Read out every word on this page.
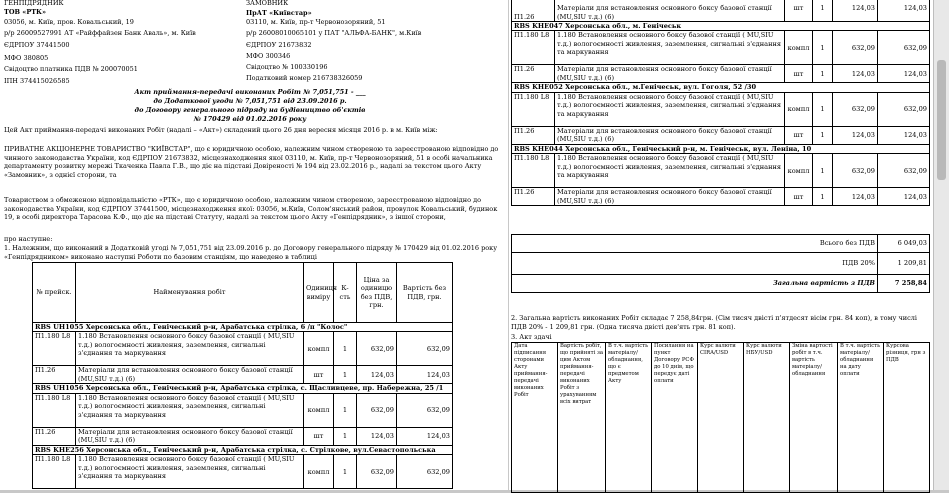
ГЕНПІДРЯДНИК
ТОВ «РТК»
03056, м. Київ, пров. Ковальський, 19
р/р 26009527991 АТ «Райффайзен Банк Аваль», м. Київ
ЄДРПОУ 37441500
МФО 380805
Свідоцтво платника ПДВ № 200070051
ІПН 374415026585
ЗАМОВНИК
ПрАТ «Київстар»
03110, м. Київ, пр-т Червонозоряний, 51
р/р 26008010065101 у ПАТ "АЛЬФА-БАНК", м.Київ
ЄДРПОУ 21673832
МФО 300346
Свідоцтво № 100330196
Податковий номер 216738326059
Акт приймання-передачі виконаних Робіт № 7,051,751 - ___
до Додаткової угоди № 7,051,751 від 23.09.2016 р.
до Договору генерального підряду на будівництво об'єктів
№ 170429 від 01.02.2016 року
Цей Акт приймання-передачі виконаних Робіт (надалі – «Акт») складений цього 26 дня вересня місяця 2016 р. в м. Київ між:
ПРИВАТНЕ АКЦІОНЕРНЕ ТОВАРИСТВО "КИЇВСТАР", що є юридичною особою, належним чином створеною та зареєстрованою відповідно до чинного законодавства України, код ЄДРПОУ 21673832, місцезнаходження якої 03110, м. Київ, пр-т Червонозоряний, 51 в особі начальника департаменту розвитку мережі Ткаченка Павла Г.В., що діє на підставі Довіреності № 194 від 23.02.2016 р., надалі за текстом цього Акту «Замовник», з однієї сторони, та
Товариством з обмеженою відповідальністю «РТК», що є юридичною особою, належним чином створеною, зареєстрованою відповідно до законодавства України, код ЄДРПОУ 37441500, місцезнаходження якої: 03056, м.Київ, Солом'янський район, провулок Ковальський, будинок 19, в особі директора Тарасова К.Ф., що діє на підставі Статуту, надалі за текстом цього Акту «Генпідрядник», з іншої сторони,
про наступне:
1. Належним, що виконаний в Додатковій угоді № 7,051,751 від 23.09.2016 р. до Договору генерального підряду № 170429 від 01.02.2016 року «Генпідрядником» виконано наступні Роботи по базовим станціям, що наведено в таблиці
№ прейск.	Найменування робіт	Одиниця виміру	К-сть	Ціна за одиницю без ПДВ, грн.	Вартість без ПДВ, грн.
RBS UH1055 Херсонська обл., Генічеський р-н, Арабатська стрілка, 6 /п "Колос"					
П1.180 L8	1.180 Встановлення основного боксу базової станції ( MU,SIU т.д.) вологоємності живлення, заземлення, сигнальні з'єднання та маркування	компл	1	632,09	632,09
П1.26	Матеріали для встановлення основного боксу базової станції (MU,SIU т.д.) (6)	шт	1	124,03	124,03
RBS UH1056 Херсонська обл., Генічеський р-н, Арабатська стрілка, с. Щасливцеве, пр. Набережна, 25 /1					
П1.180 L8	1.180 Встановлення основного боксу базової станції ( MU,SIU т.д.) вологоємності живлення, заземлення, сигнальні з'єднання та маркування	компл	1	632,09	632,09
П1.26	Матеріали для встановлення основного боксу базової станції (MU,SIU т.д.) (6)	шт	1	124,03	124,03
RBS KHE256 Херсонська обл., Генічеський р-н, Арабатська стрілка, с. Стрілкове, вул.Севастопольська					
П1.180 L8	1.180 Встановлення основного боксу базової станції ( MU,SIU т.д.) вологоємності живлення, заземлення, сигнальні з'єднання та маркування	компл	1	632,09	632,09
П1.26	Матеріали для встановлення основного боксу базової станції (MU,SIU т.д.) (6)	шт	1	124,03	124,03
RBS KHE047 Херсонська обл., м. Генічеськ					
П1.180 L8	1.180 Встановлення основного боксу базової станції ( MU,SIU т.д.) вологоємності живлення, заземлення, сигнальні з'єднання та маркування	компл	1	632,09	632,09
П1.26	Матеріали для встановлення основного боксу базової станції (MU,SIU т.д.) (6)	шт	1	124,03	124,03
RBS KHE052 Херсонська обл., м.Генічеськ, вул. Гоголя, 52 /30					
П1.180 L8	1.180 Встановлення основного боксу базової станції ( MU,SIU т.д.) вологоємності живлення, заземлення, сигнальні з'єднання та маркування	компл	1	632,09	632,09
П1.26	Матеріали для встановлення основного боксу базової станції (MU,SIU т.д.) (6)	шт	1	124,03	124,03
RBS KHE044 Херсонська обл., Генічеський р-н, м. Генічеськ, вул. Леніна, 10					
П1.180 L8	1.180 Встановлення основного боксу базової станції ( MU,SIU т.д.) вологоємності живлення, заземлення, сигнальні з'єднання та маркування	компл	1	632,09	632,09
П1.26	Матеріали для встановлення основного боксу базової станції (MU,SIU т.д.) (6)	шт	1	124,03	124,03
Всього без ПДВ	6 049,03
ПДВ 20%	1 209,81
Загальна вартість з ПДВ	7 258,84
2. Загальна вартість виконаних Робіт складає 7 258,84грн. (Сім тисяч двісті п'ятдесят вісім грн. 84 коп), в тому числі ПДВ 20% - 1 209,81 грн. (Одна тисяча двісті дев'ять грн. 81 коп).
3. Акт здачі
Дата підписання сторонами Акту приймання-передачі виконаних Робіт	Вартість робіт, що прийняті за цим Актом приймання-передачі виконаних Робіт з урахуванням всіх витрат	В т.ч. вартість матеріалу/обладнання, що є предметом Акту	Посилання на пункт Договору РСФ до 10 днів, що передує даті оплати	Курс валюти CIRA/USD	Курс валюти НБУ/USD	Зміна вартості робіт в т.ч. вартість матеріалу/обладнання	В т.ч. вартість матеріалу/обладнання на дату оплати	Курсова різниця, грн з ПДВ
